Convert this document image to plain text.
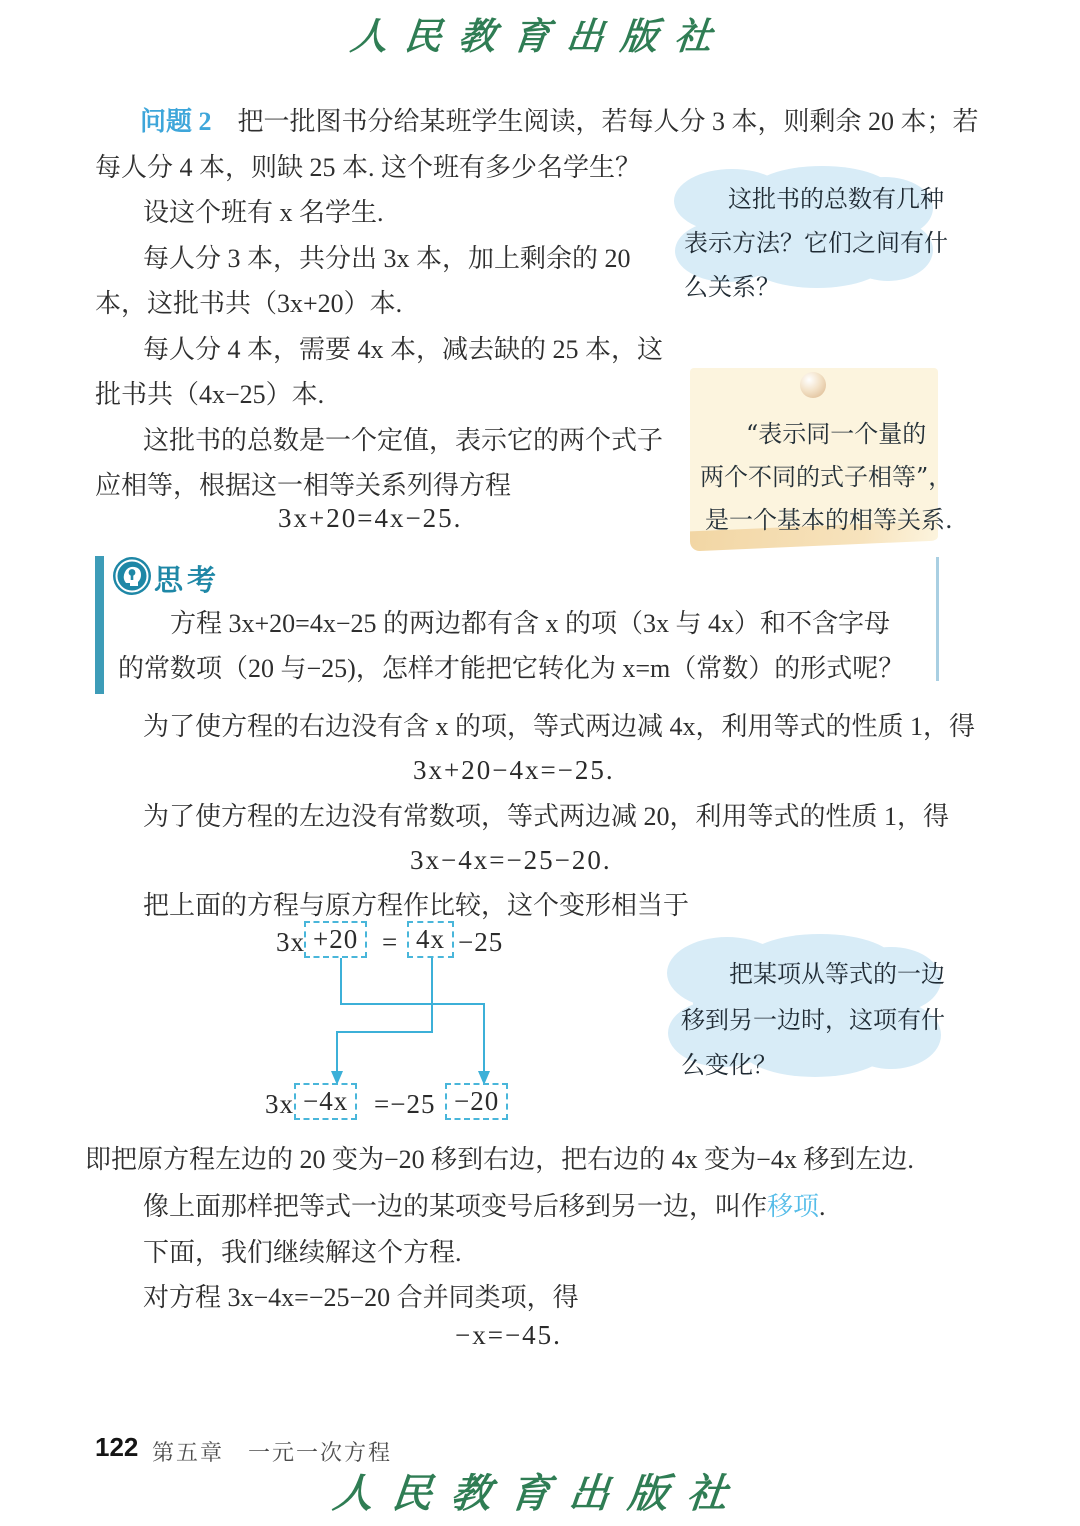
人民教育出版社
问题 2 把一批图书分给某班学生阅读，若每人分 3 本，则剩余 20 本；若
每人分 4 本，则缺 25 本. 这个班有多少名学生？
设这个班有 x 名学生.
每人分 3 本，共分出 3x 本，加上剩余的 20
本，这批书共（3x+20）本.
每人分 4 本，需要 4x 本，减去缺的 25 本，这
批书共（4x−25）本.
这批书的总数是一个定值，表示它的两个式子
应相等，根据这一相等关系列得方程
3x+20=4x−25.
这批书的总数有几种
表示方法？它们之间有什
么关系？
“表示同一个量的
两个不同的式子相等”，
是一个基本的相等关系.
思考
方程 3x+20=4x−25 的两边都有含 x 的项（3x 与 4x）和不含字母
的常数项（20 与−25)，怎样才能把它转化为 x=m（常数）的形式呢？
为了使方程的右边没有含 x 的项，等式两边减 4x，利用等式的性质 1，得
3x+20−4x=−25.
为了使方程的左边没有常数项，等式两边减 20，利用等式的性质 1，得
3x−4x=−25−20.
把上面的方程与原方程作比较，这个变形相当于
3x +20 = 4x −25
3x −4x =−25 −20
把某项从等式的一边
移到另一边时，这项有什
么变化？
即把原方程左边的 20 变为−20 移到右边，把右边的 4x 变为−4x 移到左边.
像上面那样把等式一边的某项变号后移到另一边，叫作移项.
下面，我们继续解这个方程.
对方程 3x−4x=−25−20 合并同类项，得
−x=−45.
122 第五章　一元一次方程
人民教育出版社
